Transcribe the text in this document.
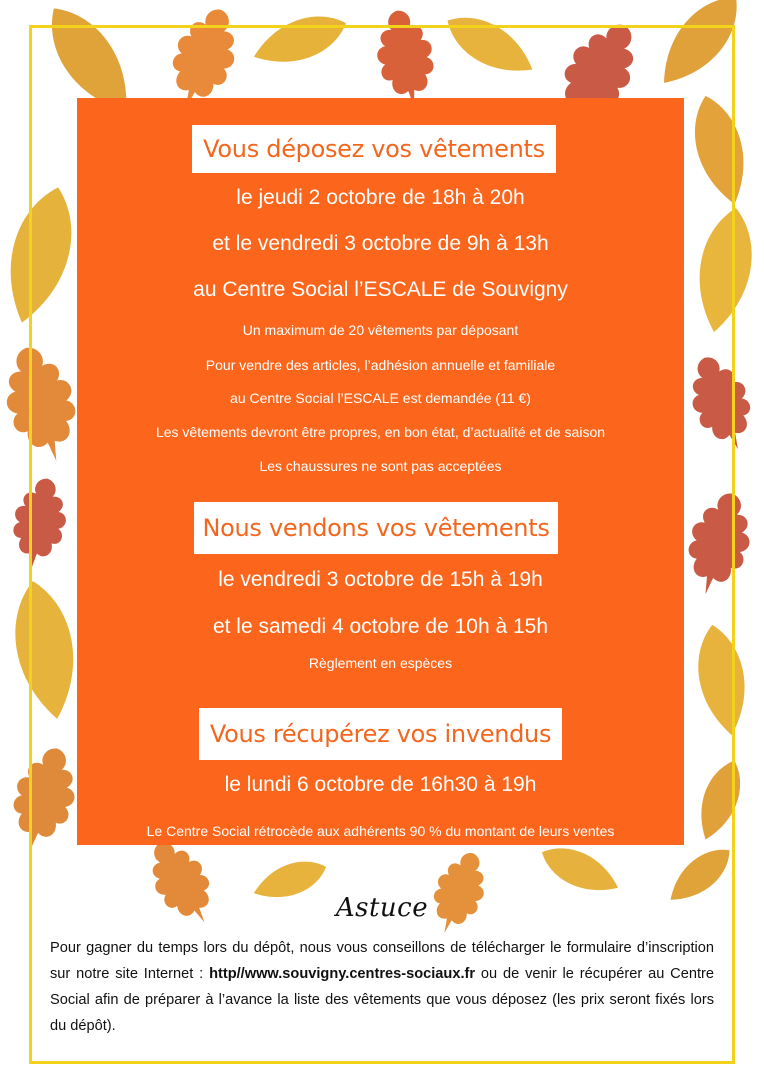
Vous déposez vos vêtements
le jeudi 2 octobre de 18h à 20h
et le vendredi 3 octobre de 9h à 13h
au Centre Social l’ESCALE de Souvigny
Un maximum de 20 vêtements par déposant
Pour vendre des articles, l’adhésion annuelle et familiale
au Centre Social l’ESCALE est demandée (11 €)
Les vêtements devront être propres, en bon état, d’actualité et de saison
Les chaussures ne sont pas acceptées
Nous vendons vos vêtements
le vendredi 3 octobre de 15h à 19h
et le samedi 4 octobre de 10h à 15h
Règlement en espèces
Vous récupérez vos invendus
le lundi 6 octobre de 16h30 à 19h
Le Centre Social rétrocède aux adhérents 90 % du montant de leurs ventes
Astuce
Pour gagner du temps lors du dépôt, nous vous conseillons de télécharger le formulaire d’inscription sur notre site Internet : http//www.souvigny.centres-sociaux.fr ou de venir le récupérer au Centre Social afin de préparer à l’avance la liste des vêtements que vous déposez (les prix seront fixés lors du dépôt).
